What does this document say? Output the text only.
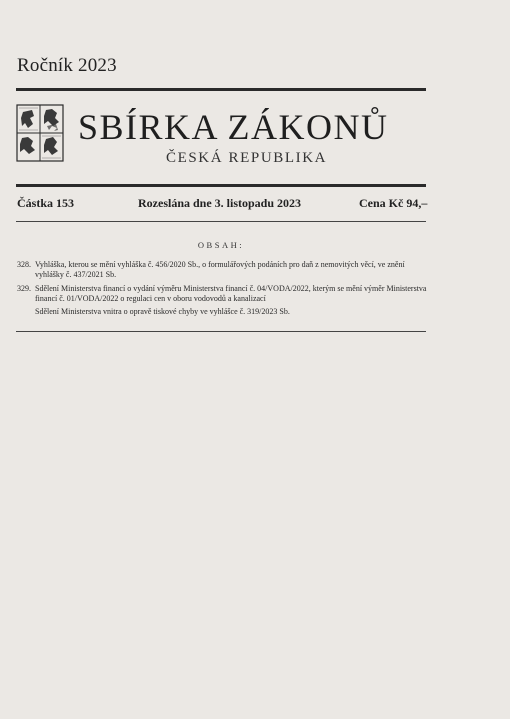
Ročník 2023
SBÍRKA ZÁKONŮ
ČESKÁ REPUBLIKA
Částka 153	Rozeslána dne 3. listopadu 2023	Cena Kč 94,–
OBSAH:
328. Vyhláška, kterou se mění vyhláška č. 456/2020 Sb., o formulářových podáních pro daň z nemovitých věcí, ve znění vyhlášky č. 437/2021 Sb.
329. Sdělení Ministerstva financí o vydání výměru Ministerstva financí č. 04/VODA/2022, kterým se mění výměr Ministerstva financí č. 01/VODA/2022 o regulaci cen v oboru vodovodů a kanalizací
Sdělení Ministerstva vnitra o opravě tiskové chyby ve vyhlášce č. 319/2023 Sb.
